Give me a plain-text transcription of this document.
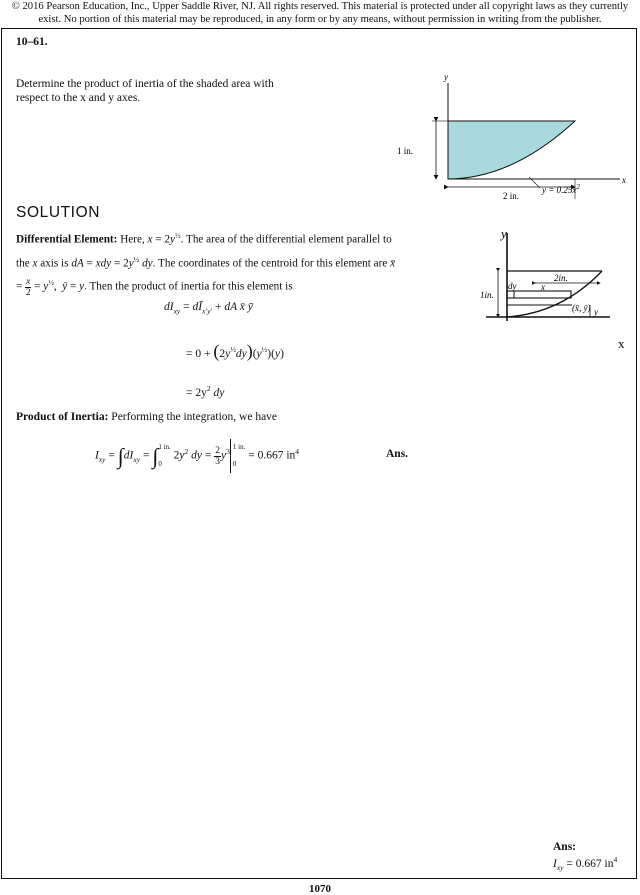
© 2016 Pearson Education, Inc., Upper Saddle River, NJ. All rights reserved. This material is protected under all copyright laws as they currently
exist. No portion of this material may be reproduced, in any form or by any means, without permission in writing from the publisher.
10–61.
Determine the product of inertia of the shaded area with respect to the x and y axes.
y
x
1 in.
2 in.
$y = 0.25x^2$
SOLUTION
Differential Element: Here, $x = 2y^{\frac{1}{2}}$. The area of the differential element parallel to the x axis is dA = xdy = $2y^{\frac{1}{2}}$ dy. The coordinates of the centroid for this element are x̄ = $\frac{x}{2} = y^{\frac{1}{2}}$,  ȳ = y. Then the product of inertia for this element is
y
x
2in.
1in.
dy	x
(x̄, ȳ) y
$dI_{xy}$ = $dĪ_{x'y'}$ + dA x̄ ȳ
= $0 + (2y^{\frac{1}{2}}dy)(y^{\frac{1}{2}})(y)$
= $2y^2$ dy
Product of Inertia: Performing the integration, we have
$I_{xy} = \int dI_{xy}$ = ∫ 1 in.
0
$2y^2$ dy = $\frac{2}{3} y^3$ 1 in.
0
= 0.667 $in^4$	Ans.
Ans:
$I_{xy} = 0.667$ $in^4$
1070
